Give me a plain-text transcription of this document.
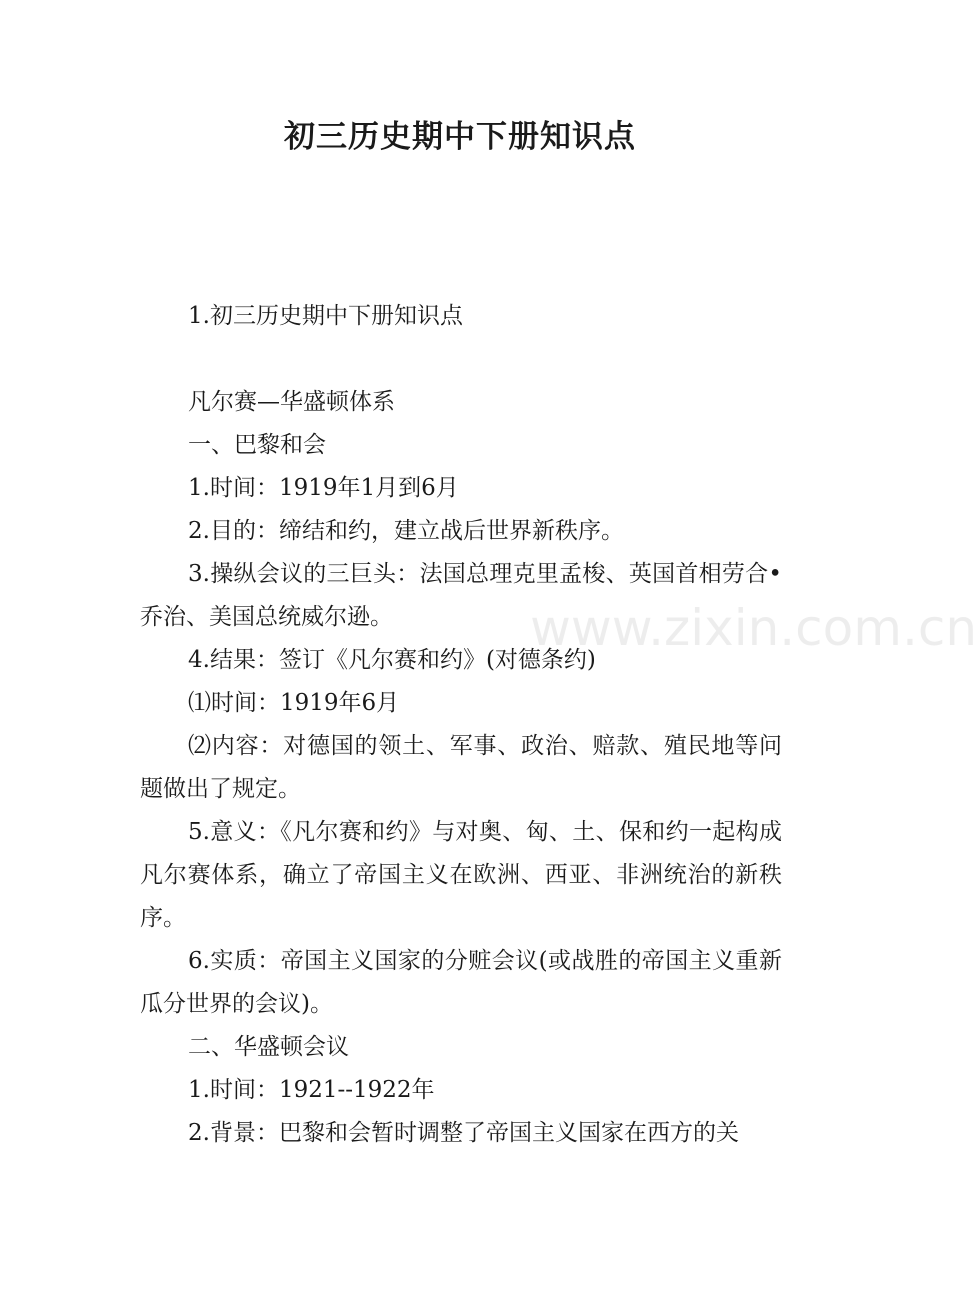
初三历史期中下册知识点

1.初三历史期中下册知识点

凡尔赛—华盛顿体系

一、巴黎和会

1.时间：1919年1月到6月

2.目的：缔结和约，建立战后世界新秩序。

3.操纵会议的三巨头：法国总理克里孟梭、英国首相劳合•乔治、美国总统威尔逊。

4.结果：签订《凡尔赛和约》(对德条约)

⑴时间：1919年6月

⑵内容：对德国的领土、军事、政治、赔款、殖民地等问题做出了规定。

5.意义：《凡尔赛和约》与对奥、匈、土、保和约一起构成凡尔赛体系，确立了帝国主义在欧洲、西亚、非洲统治的新秩序。

6.实质：帝国主义国家的分赃会议(或战胜的帝国主义重新瓜分世界的会议)。

二、华盛顿会议

1.时间：1921--1922年

2.背景：巴黎和会暂时调整了帝国主义国家在西方的关

www.zixin.com.cn
